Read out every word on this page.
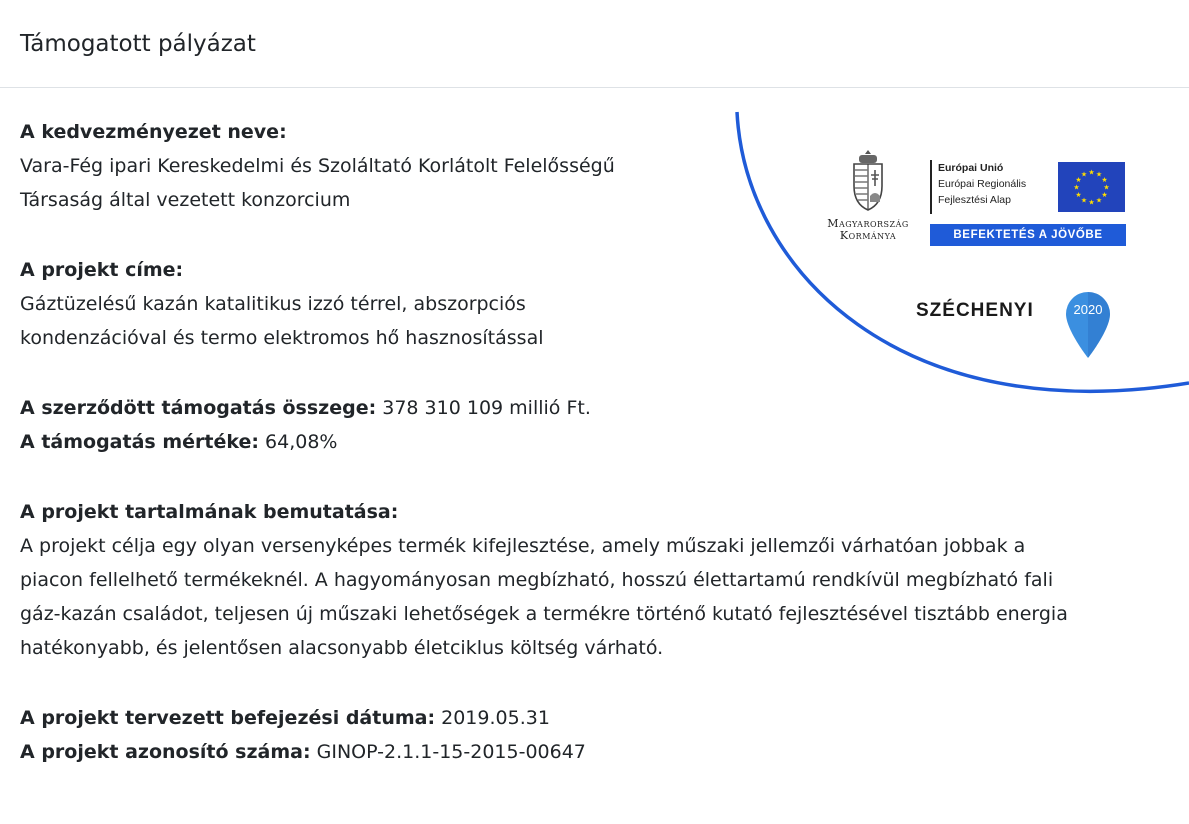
Támogatott pályázat
A kedvezményezet neve:
Vara-Fég ipari Kereskedelmi és Szoláltató Korlátolt Felelősségű
Társaság által vezetett konzorcium
A projekt címe:
Gáztüzelésű kazán katalitikus izzó térrel, abszorpciós
kondenzációval és termo elektromos hő hasznosítással
A szerződött támogatás összege: 378 310 109 millió Ft.
A támogatás mértéke: 64,08%
A projekt tartalmának bemutatása:
A projekt célja egy olyan versenyképes termék kifejlesztése, amely műszaki jellemzői várhatóan jobbak a
piacon fellelhető termékeknél. A hagyományosan megbízható, hosszú élettartamú rendkívül megbízható fali
gáz-kazán családot, teljesen új műszaki lehetőségek a termékre történő kutató fejlesztésével tisztább energia
hatékonyabb, és jelentősen alacsonyabb életciklus költség várható.
A projekt tervezett befejezési dátuma: 2019.05.31
A projekt azonosító száma: GINOP-2.1.1-15-2015-00647
Magyarország
Kormánya
Európai Unió
Európai Regionális
Fejlesztési Alap
★ ★
★
★
★
★
★
★
★
★
★
★
BEFEKTETÉS A JÖVŐBE
SZÉCHENYI	2020
